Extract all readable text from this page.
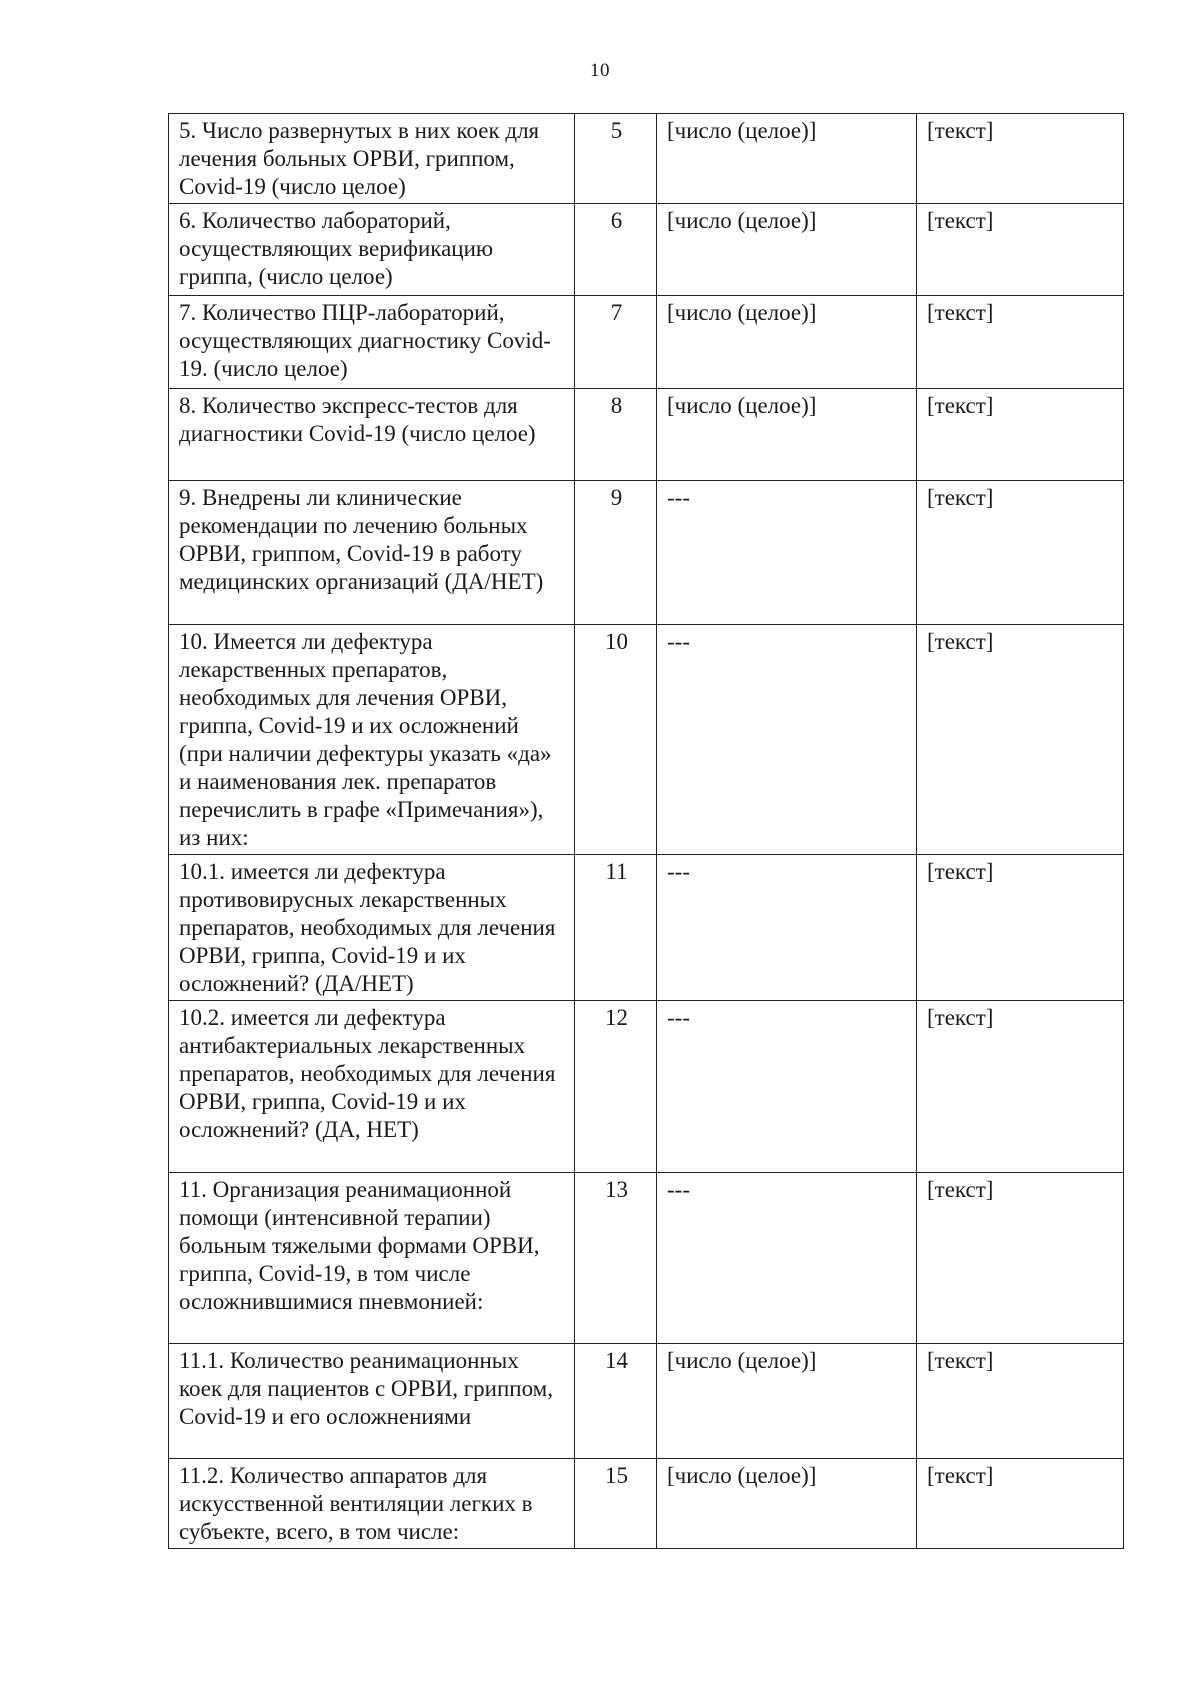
10
5. Число развернутых в них коек для лечения больных ОРВИ, гриппом, Covid-19 (число целое)	5	[число (целое)]	[текст]
6. Количество лабораторий, осуществляющих верификацию гриппа, (число целое)	6	[число (целое)]	[текст]
7. Количество ПЦР-лабораторий, осуществляющих диагностику Covid-19. (число целое)	7	[число (целое)]	[текст]
8. Количество экспресс-тестов для диагностики Covid-19 (число целое)	8	[число (целое)]	[текст]
9. Внедрены ли клинические рекомендации по лечению больных ОРВИ, гриппом, Covid-19 в работу медицинских организаций (ДА/НЕТ)	9	---	[текст]
10. Имеется ли дефектура лекарственных препаратов, необходимых для лечения ОРВИ, гриппа, Covid-19 и их осложнений (при наличии дефектуры указать «да» и наименования лек. препаратов перечислить в графе «Примечания»), из них:	10	---	[текст]
10.1. имеется ли дефектура противовирусных лекарственных препаратов, необходимых для лечения ОРВИ, гриппа, Covid-19 и их осложнений? (ДА/НЕТ)	11	---	[текст]
10.2. имеется ли дефектура антибактериальных лекарственных препаратов, необходимых для лечения ОРВИ, гриппа, Covid-19 и их осложнений? (ДА, НЕТ)	12	---	[текст]
11. Организация реанимационной помощи (интенсивной терапии) больным тяжелыми формами ОРВИ, гриппа, Covid-19, в том числе осложнившимися пневмонией:	13	---	[текст]
11.1. Количество реанимационных коек для пациентов с ОРВИ, гриппом, Covid-19 и его осложнениями	14	[число (целое)]	[текст]
11.2. Количество аппаратов для искусственной вентиляции легких в субъекте, всего, в том числе:	15	[число (целое)]	[текст]
